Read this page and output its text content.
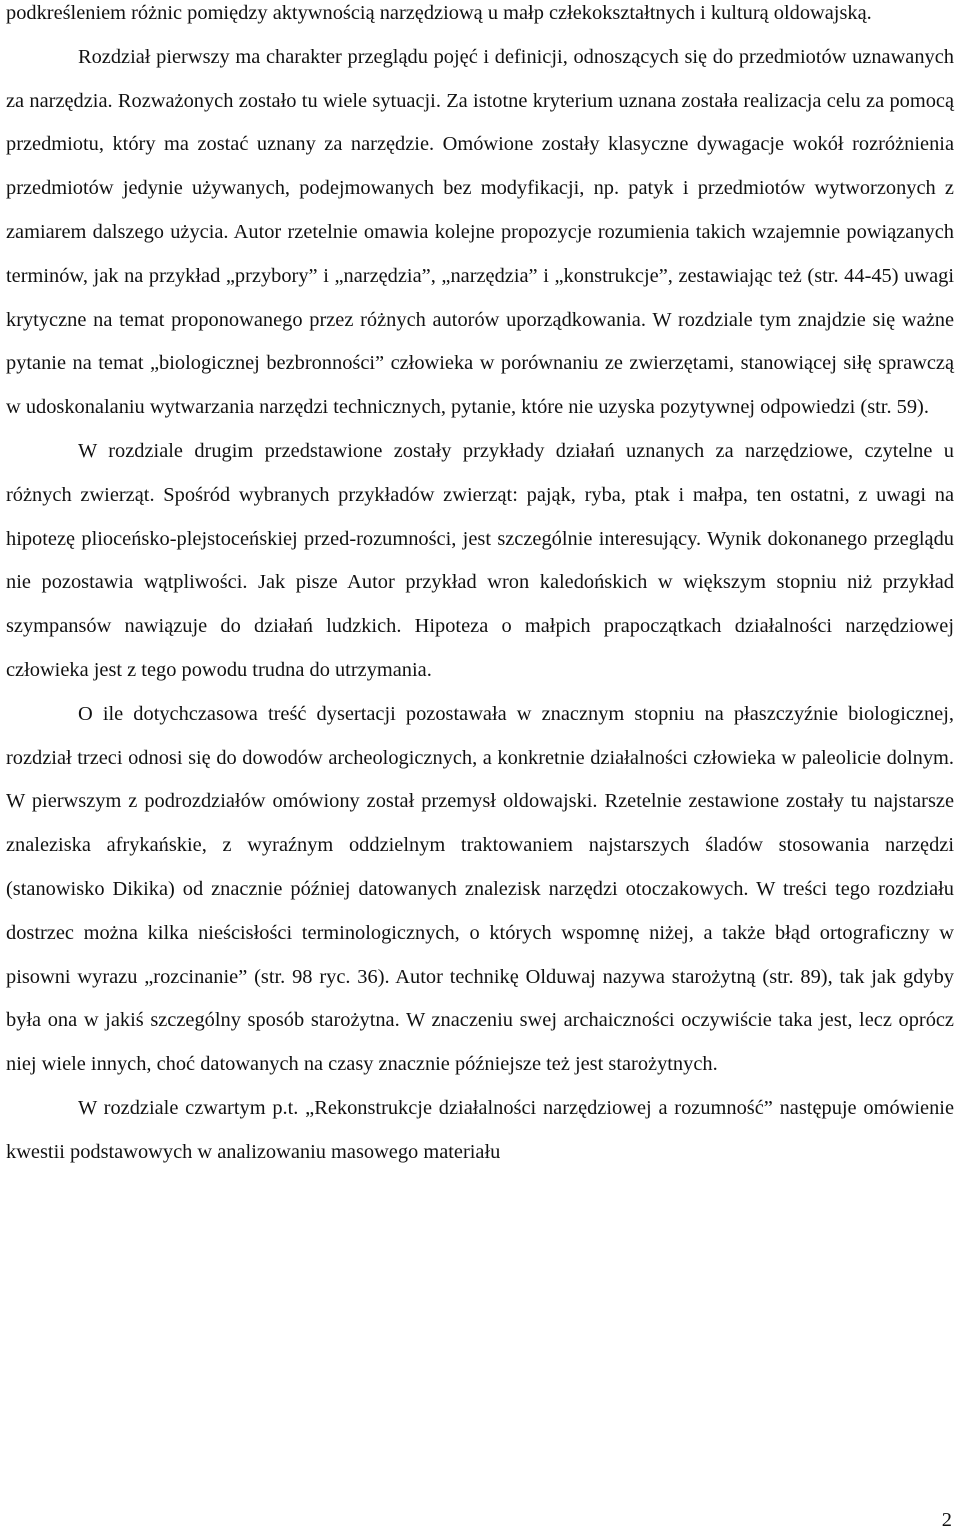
podkreśleniem różnic pomiędzy aktywnością narzędziową u małp człekokształtnych i kulturą oldowajską.

Rozdział pierwszy ma charakter przeglądu pojęć i definicji, odnoszących się do przedmiotów uznawanych za narzędzia. Rozważonych zostało tu wiele sytuacji. Za istotne kryterium uznana została realizacja celu za pomocą przedmiotu, który ma zostać uznany za narzędzie. Omówione zostały klasyczne dywagacje wokół rozróżnienia przedmiotów jedynie używanych, podejmowanych bez modyfikacji, np. patyk i przedmiotów wytworzonych z zamiarem dalszego użycia. Autor rzetelnie omawia kolejne propozycje rozumienia takich wzajemnie powiązanych terminów, jak na przykład „przybory” i „narzędzia”, „narzędzia” i „konstrukcje”, zestawiając też (str. 44-45) uwagi krytyczne na temat proponowanego przez różnych autorów uporządkowania. W rozdziale tym znajdzie się ważne pytanie na temat „biologicznej bezbronności” człowieka w porównaniu ze zwierzętami, stanowiącej siłę sprawczą w udoskonalaniu wytwarzania narzędzi technicznych, pytanie, które nie uzyska pozytywnej odpowiedzi (str. 59).

W rozdziale drugim przedstawione zostały przykłady działań uznanych za narzędziowe, czytelne u różnych zwierząt. Spośród wybranych przykładów zwierząt: pająk, ryba, ptak i małpa, ten ostatni, z uwagi na hipotezę plioceńsko-plejstoceńskiej przed-rozumności, jest szczególnie interesujący. Wynik dokonanego przeglądu nie pozostawia wątpliwości. Jak pisze Autor przykład wron kaledońskich w większym stopniu niż przykład szympansów nawiązuje do działań ludzkich. Hipoteza o małpich prapoczątkach działalności narzędziowej człowieka jest z tego powodu trudna do utrzymania.

O ile dotychczasowa treść dysertacji pozostawała w znacznym stopniu na płaszczyźnie biologicznej, rozdział trzeci odnosi się do dowodów archeologicznych, a konkretnie działalności człowieka w paleolicie dolnym. W pierwszym z podrozdziałów omówiony został przemysł oldowajski. Rzetelnie zestawione zostały tu najstarsze znaleziska afrykańskie, z wyraźnym oddzielnym traktowaniem najstarszych śladów stosowania narzędzi (stanowisko Dikika) od znacznie później datowanych znalezisk narzędzi otoczakowych. W treści tego rozdziału dostrzec można kilka nieścisłości terminologicznych, o których wspomnę niżej, a także błąd ortograficzny w pisowni wyrazu „rozcinanie” (str. 98 ryc. 36). Autor technikę Olduwaj nazywa starożytną (str. 89), tak jak gdyby była ona w jakiś szczególny sposób starożytna. W znaczeniu swej archaiczności oczywiście taka jest, lecz oprócz niej wiele innych, choć datowanych na czasy znacznie późniejsze też jest starożytnych.

W rozdziale czwartym p.t. „Rekonstrukcje działalności narzędziowej a rozumność” następuje omówienie kwestii podstawowych w analizowaniu masowego materiału

2
